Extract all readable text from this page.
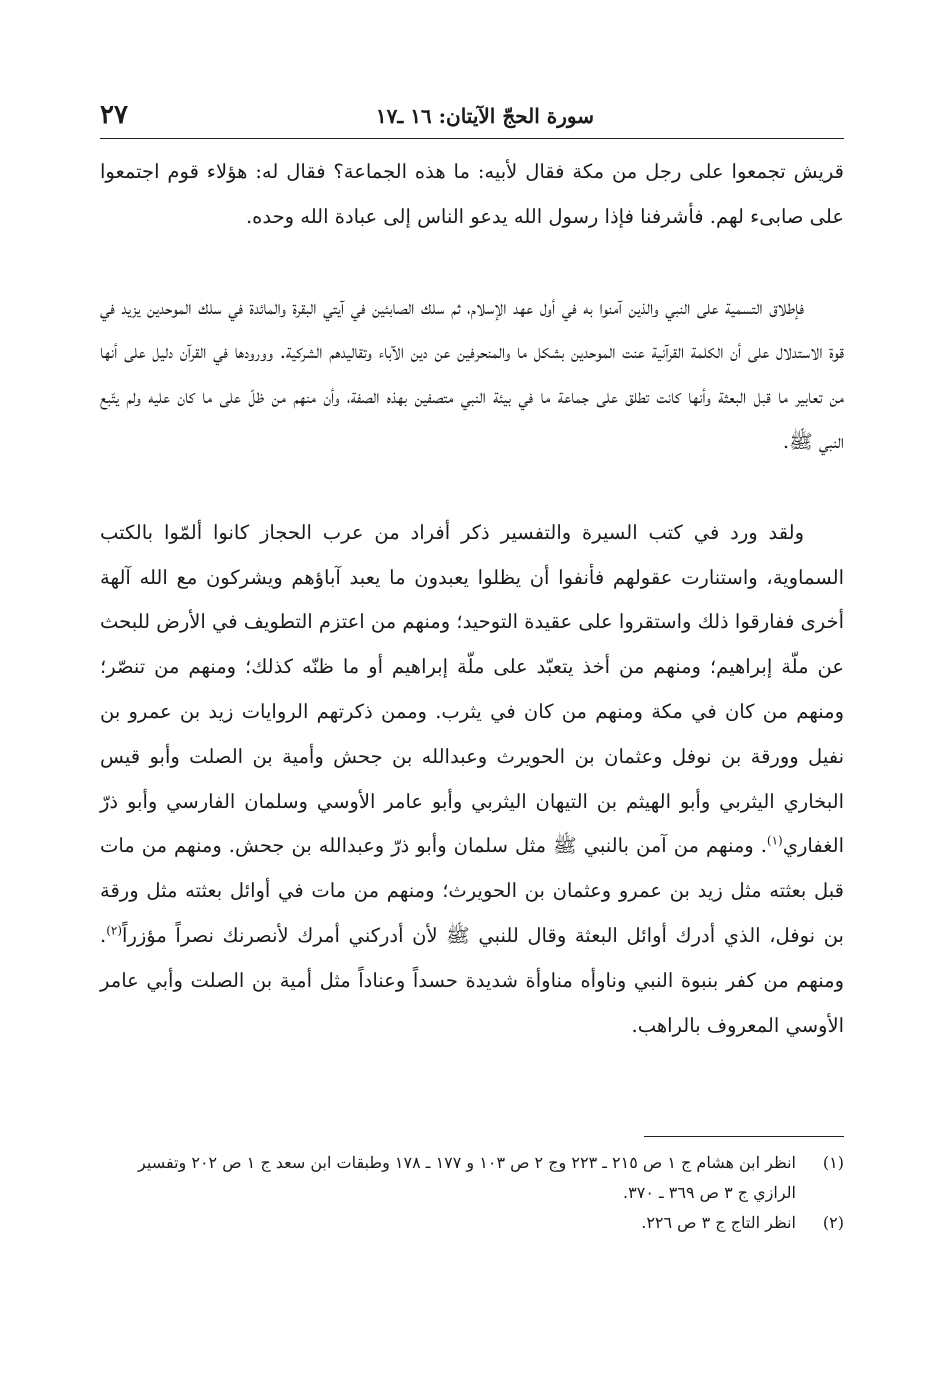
سورة الحجّ الآيتان: ١٦ ـ١٧
٢٧

قريش تجمعوا على رجل من مكة فقال لأبيه: ما هذه الجماعة؟ فقال له: هؤلاء قوم اجتمعوا على صابىء لهم. فأشرفنا فإذا رسول الله يدعو الناس إلى عبادة الله وحده.

فإطلاق التسمية على النبي والذين آمنوا به في أول عهد الإسلام، ثم سلك الصابئين في آيتي البقرة والمائدة في سلك الموحدين يزيد في قوة الاستدلال على أن الكلمة القرآنية عنت الموحدين بشكل ما والمنحرفين عن دين الآباء وتقاليدهم الشركية. وورودها في القرآن دليل على أنها من تعابير ما قبل البعثة وأنها كانت تطلق على جماعة ما في بيئة النبي متصفين بهذه الصفة، وأن منهم من ظلّ على ما كان عليه ولم يتّبع النبي ﷺ.

ولقد ورد في كتب السيرة والتفسير ذكر أفراد من عرب الحجاز كانوا ألمّوا بالكتب السماوية، واستنارت عقولهم فأنفوا أن يظلوا يعبدون ما يعبد آباؤهم ويشركون مع الله آلهة أخرى ففارقوا ذلك واستقروا على عقيدة التوحيد؛ ومنهم من اعتزم التطويف في الأرض للبحث عن ملّة إبراهيم؛ ومنهم من أخذ يتعبّد على ملّة إبراهيم أو ما ظنّه كذلك؛ ومنهم من تنصّر؛ ومنهم من كان في مكة ومنهم من كان في يثرب. وممن ذكرتهم الروايات زيد بن عمرو بن نفيل وورقة بن نوفل وعثمان بن الحويرث وعبدالله بن جحش وأمية بن الصلت وأبو قيس البخاري اليثربي وأبو الهيثم بن التيهان اليثربي وأبو عامر الأوسي وسلمان الفارسي وأبو ذرّ الغفاري$^{(١)}$. ومنهم من آمن بالنبي ﷺ مثل سلمان وأبو ذرّ وعبدالله بن جحش. ومنهم من مات قبل بعثته مثل زيد بن عمرو وعثمان بن الحويرث؛ ومنهم من مات في أوائل بعثته مثل ورقة بن نوفل، الذي أدرك أوائل البعثة وقال للنبي ﷺ لأن أدركني أمرك لأنصرنك نصراً مؤزراً$^{(٢)}$. ومنهم من كفر بنبوة النبي وناوأه مناوأة شديدة حسداً وعناداً مثل أمية بن الصلت وأبي عامر الأوسي المعروف بالراهب.

(١)
انظر ابن هشام ج ١ ص ٢١٥ ـ ٢٢٣ وج ٢ ص ١٠٣ و ١٧٧ ـ ١٧٨ وطبقات ابن سعد ج ١ ص ٢٠٢ وتفسير الرازي ج ٣ ص ٣٦٩ ـ ٣٧٠.

(٢)
انظر التاج ج ٣ ص ٢٢٦.
